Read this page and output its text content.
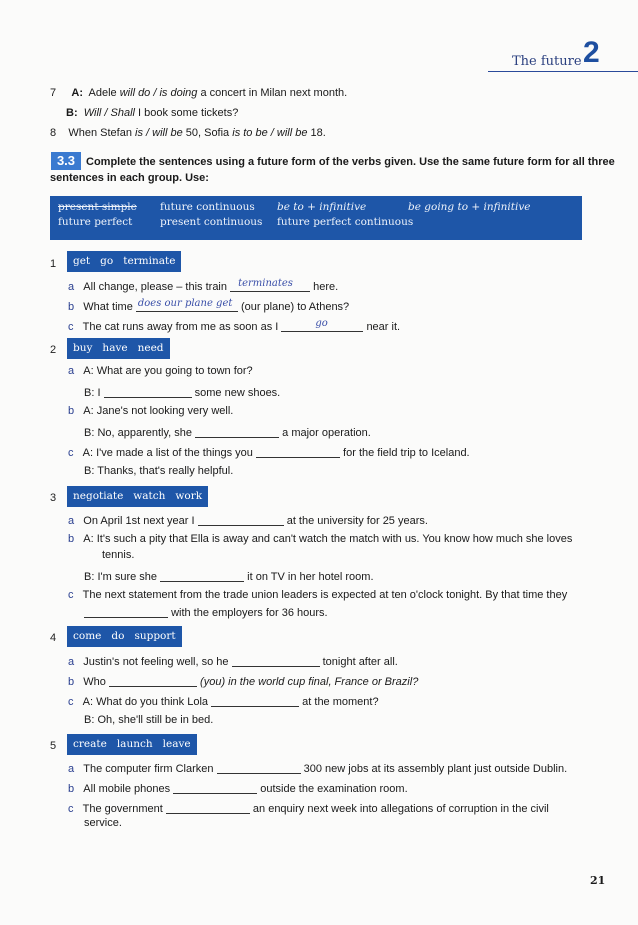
The future 2
7 A: Adele will do / is doing a concert in Milan next month.
B: Will / Shall I book some tickets?
8 When Stefan is / will be 50, Sofia is to be / will be 18.
3.3 Complete the sentences using a future form of the verbs given. Use the same future form for all three
sentences in each group. Use:
present simple future continuous be to + infinitive	be going to + infinitive
future perfect	present continuous future perfect continuous
1	get   go   terminate
a All change, please – this train terminates here.
b What time does our plane get (our plane) to Athens?
c The cat runs away from me as soon as I	go	near it.
2	buy   have   need
a A: What are you going to town for?
B: I	some new shoes.
b A: Jane's not looking very well.
B: No, apparently, she	a major operation.
c A: I've made a list of the things you	for the field trip to Iceland.
B: Thanks, that's really helpful.
3	negotiate   watch   work
a On April 1st next year I	at the university for 25 years.
b A: It's such a pity that Ella is away and can't watch the match with us. You know how much she loves
tennis.
B: I'm sure she	it on TV in her hotel room.
c The next statement from the trade union leaders is expected at ten o'clock tonight. By that time they
with the employers for 36 hours.
4	come   do   support
a Justin's not feeling well, so he	tonight after all.
b Who	(you) in the world cup final, France or Brazil?
c A: What do you think Lola	at the moment?
B: Oh, she'll still be in bed.
5	create   launch   leave
a The computer firm Clarken	300 new jobs at its assembly plant just outside Dublin.
b All mobile phones	outside the examination room.
c The government	an enquiry next week into allegations of corruption in the civil
service.
21
